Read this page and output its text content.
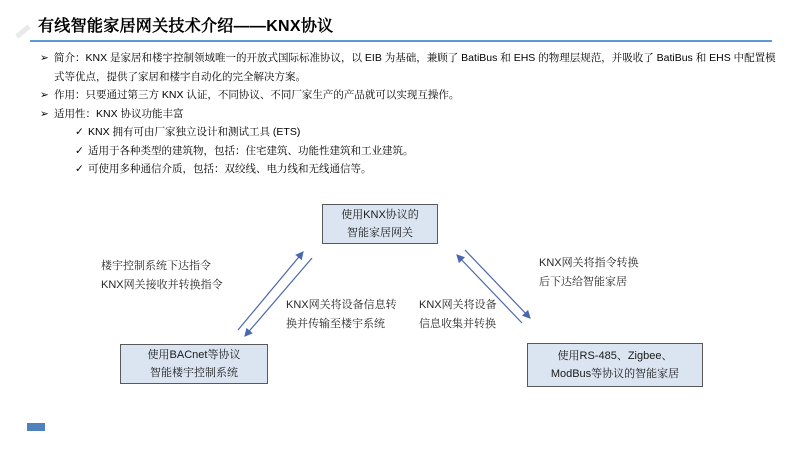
有线智能家居网关技术介绍——KNX协议
➢ 简介：KNX 是家居和楼宇控制领域唯一的开放式国际标准协议，以 EIB 为基础，兼顾了 BatiBus 和 EHS 的物理层规范，并吸收了 BatiBus 和 EHS 中配置模式等优点，提供了家居和楼宇自动化的完全解决方案。
➢ 作用：只要通过第三方 KNX 认证，不同协议、不同厂家生产的产品就可以实现互操作。
➢ 适用性：KNX 协议功能丰富
✓ KNX 拥有可由厂家独立设计和测试工具 (ETS)
✓ 适用于各种类型的建筑物，包括：住宅建筑、功能性建筑和工业建筑。
✓ 可使用多种通信介质，包括：双绞线、电力线和无线通信等。
使用KNX协议的
智能家居网关
使用BACnet等协议
智能楼宇控制系统
使用RS-485、Zigbee、
ModBus等协议的智能家居
楼宇控制系统下达指令
KNX网关接收并转换指令
KNX网关将设备信息转
换并传输至楼宇系统
KNX网关将设备
信息收集并转换
KNX网关将指令转换
后下达给智能家居
